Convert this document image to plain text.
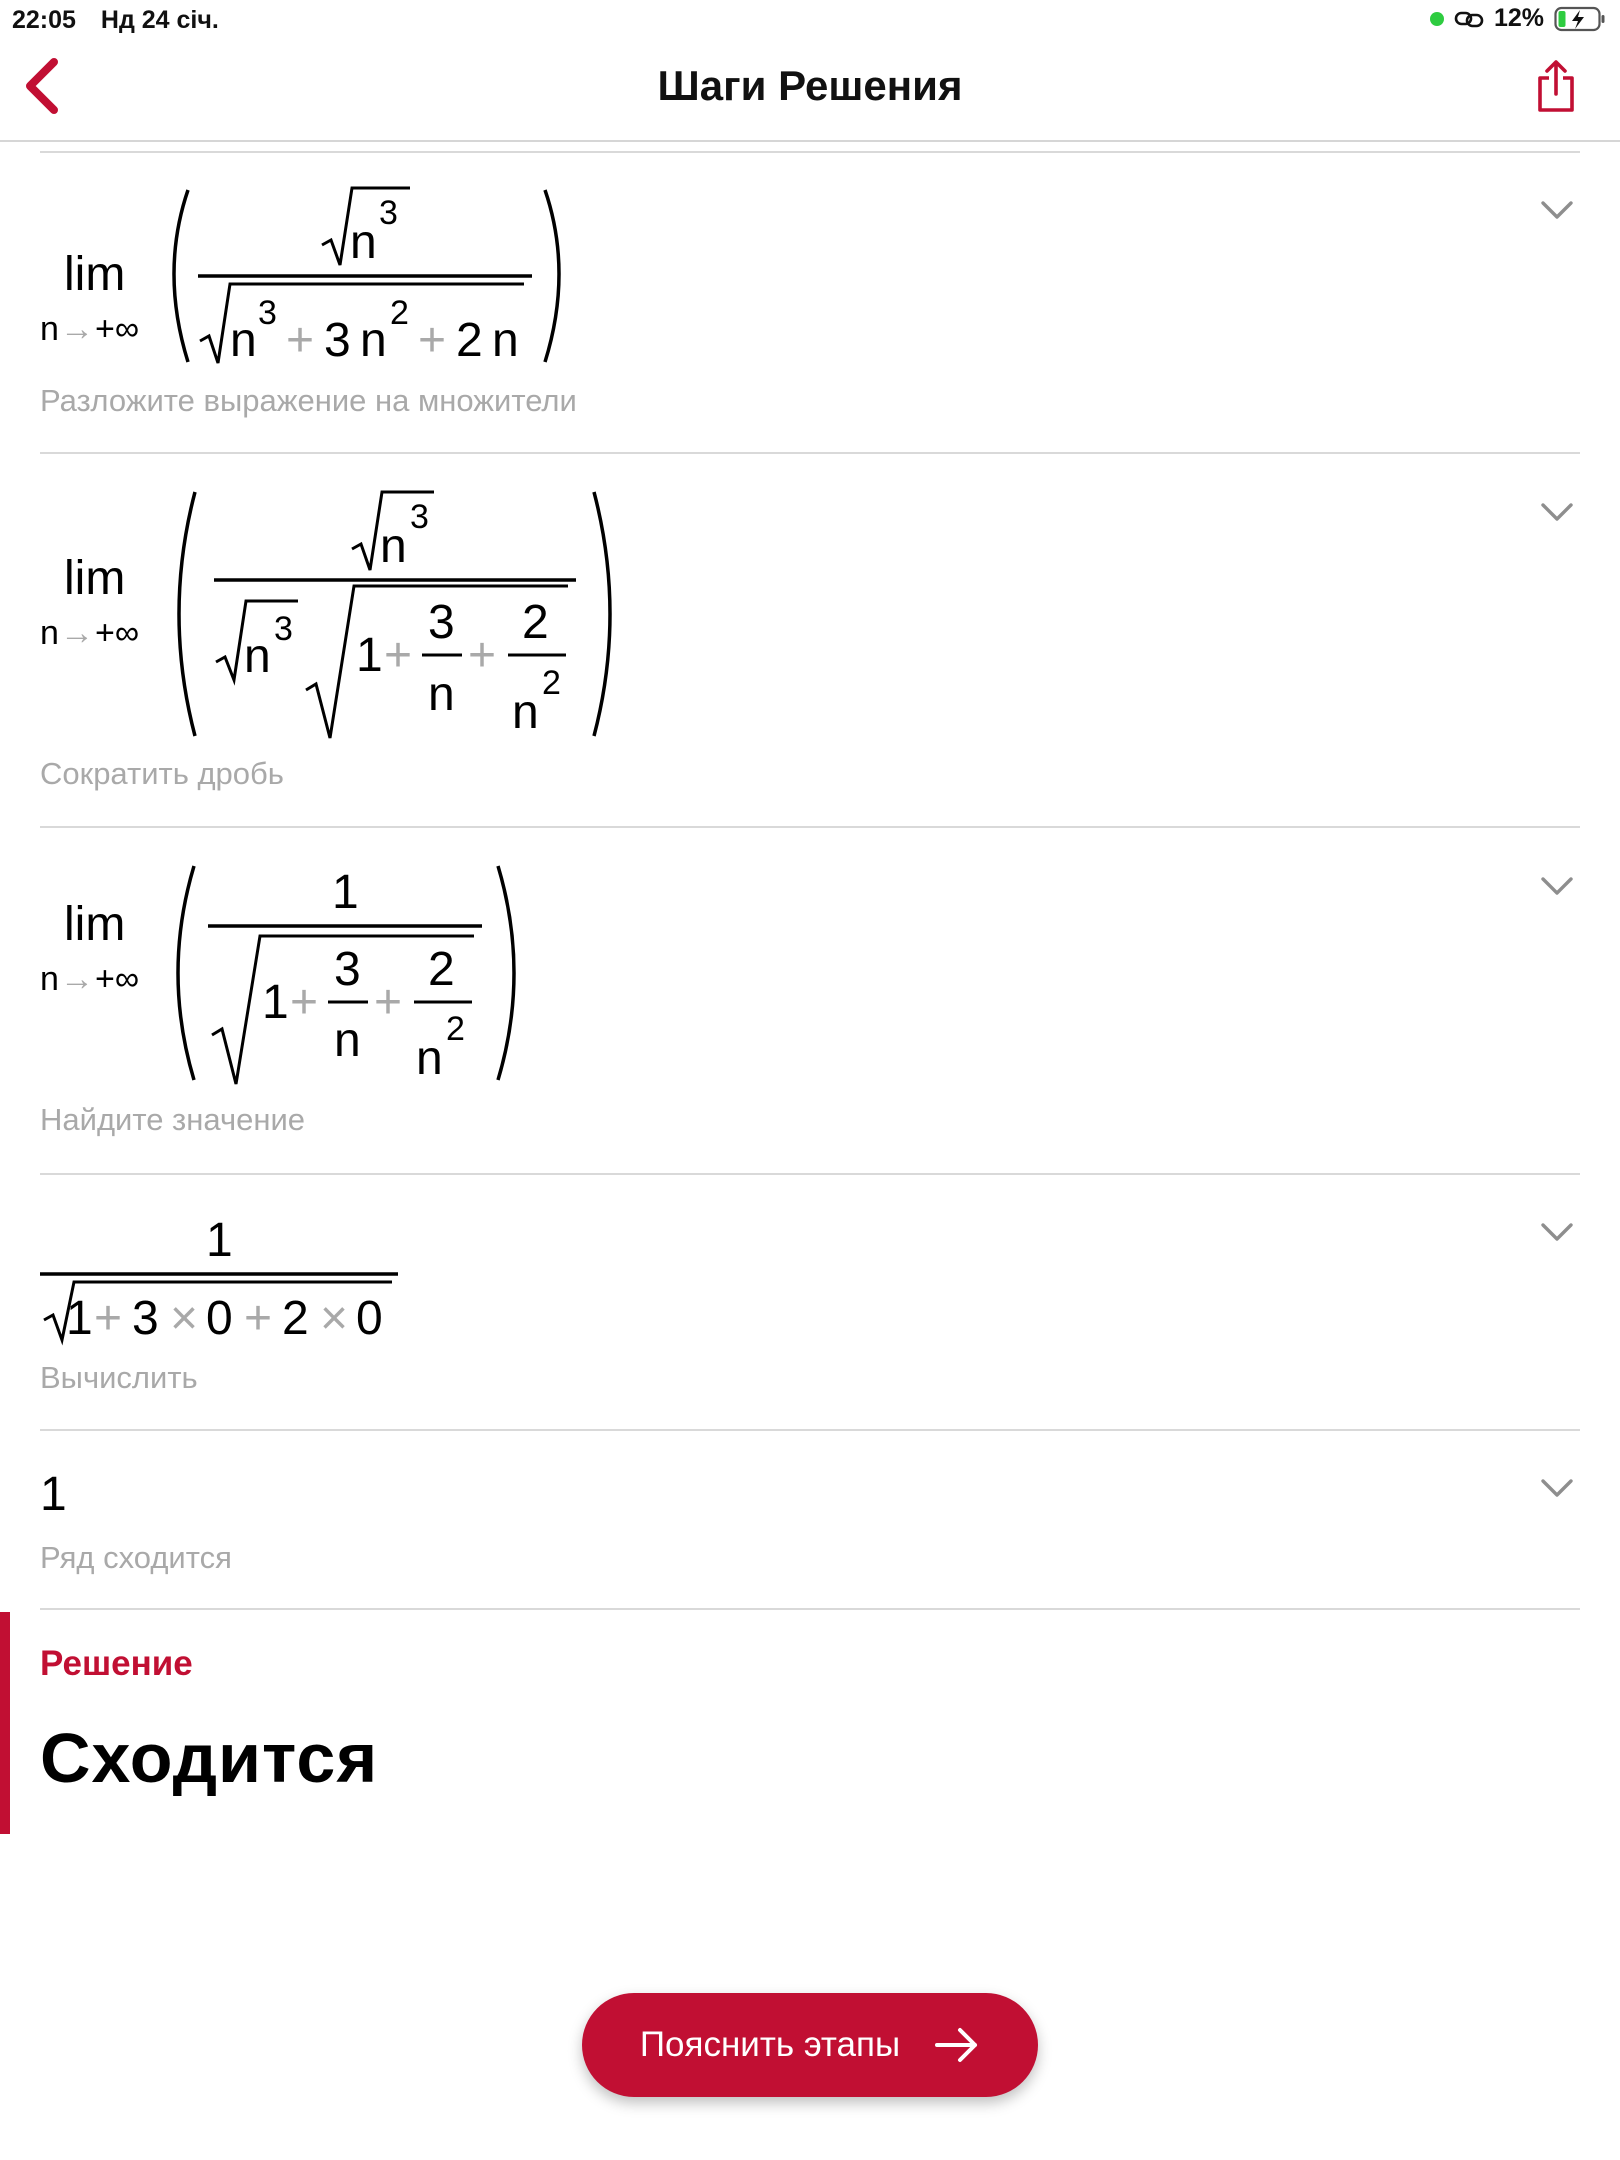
22:05 Нд 24 січ.	12%
Шаги Решения
lim
n → +∞
n
3
n
3
+ 3 n
2
+ 2 n
lim
n → +∞
n
3
n
3 1 +
3
n
+
2
n
2
lim
n → +∞
1
1 +
3
n
+
2
n
2
1
1 + 3 × 0 + 2 × 0
1
Разложите выражение на множители
Сократить дробь
Найдите значение
Вычислить
Ряд сходится
Решение
Сходится
Пояснить этапы
